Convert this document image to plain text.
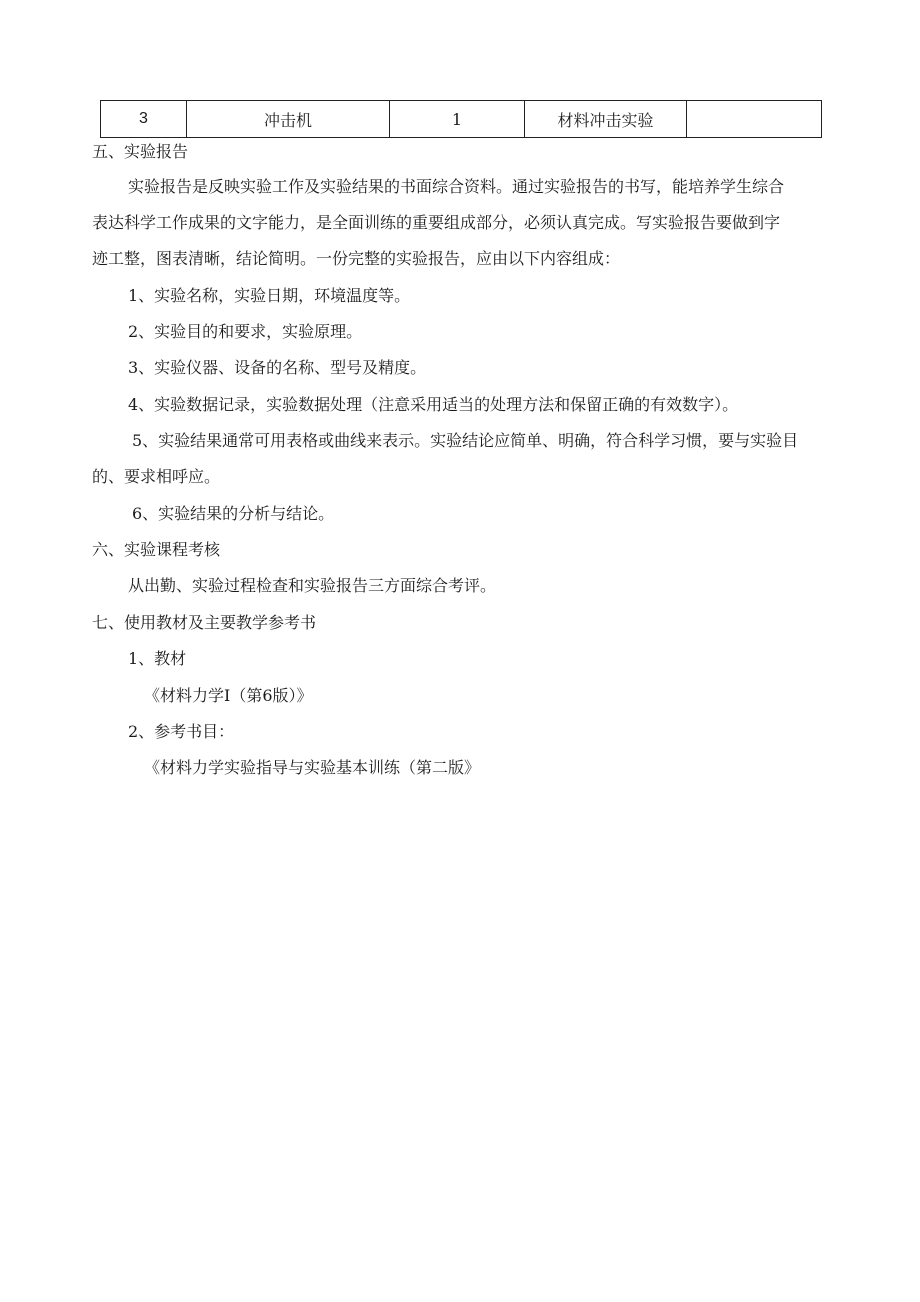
3	冲击机	1	材料冲击实验	
五、实验报告
实验报告是反映实验工作及实验结果的书面综合资料。通过实验报告的书写，能培养学生综合
表达科学工作成果的文字能力，是全面训练的重要组成部分，必须认真完成。写实验报告要做到字
迹工整，图表清晰，结论简明。一份完整的实验报告，应由以下内容组成：
1、实验名称，实验日期，环境温度等。
2、实验目的和要求，实验原理。
3、实验仪器、设备的名称、型号及精度。
4、实验数据记录，实验数据处理（注意采用适当的处理方法和保留正确的有效数字）。
5、实验结果通常可用表格或曲线来表示。实验结论应简单、明确，符合科学习惯，要与实验目
的、要求相呼应。
6、实验结果的分析与结论。
六、实验课程考核
从出勤、实验过程检查和实验报告三方面综合考评。
七、使用教材及主要教学参考书
1、教材
《材料力学Ⅰ（第6版）》
2、参考书目：
《材料力学实验指导与实验基本训练（第二版》
